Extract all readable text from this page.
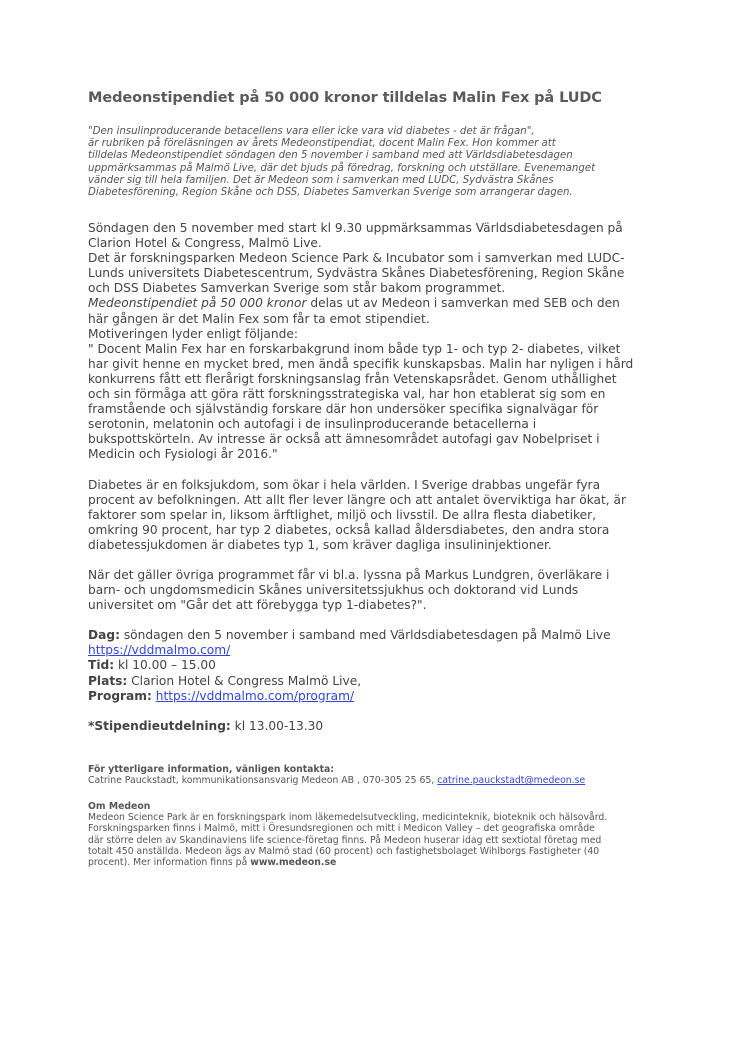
Medeonstipendiet på 50 000 kronor tilldelas Malin Fex på LUDC
"Den insulinproducerande betacellens vara eller icke vara vid diabetes - det är frågan",
är rubriken på föreläsningen av årets Medeonstipendiat, docent Malin Fex. Hon kommer att
tilldelas Medeonstipendiet söndagen den 5 november i samband med att Världsdiabetesdagen
uppmärksammas på Malmö Live, där det bjuds på föredrag, forskning och utställare. Evenemanget
vänder sig till hela familjen. Det är Medeon som i samverkan med LUDC, Sydvästra Skånes
Diabetesförening, Region Skåne och DSS, Diabetes Samverkan Sverige som arrangerar dagen.

Söndagen den 5 november med start kl 9.30 uppmärksammas Världsdiabetesdagen på
Clarion Hotel & Congress, Malmö Live.
Det är forskningsparken Medeon Science Park & Incubator som i samverkan med LUDC-
Lunds universitets Diabetescentrum, Sydvästra Skånes Diabetesförening, Region Skåne
och DSS Diabetes Samverkan Sverige som står bakom programmet.
Medeonstipendiet på 50 000 kronor delas ut av Medeon i samverkan med SEB och den
här gången är det Malin Fex som får ta emot stipendiet.
Motiveringen lyder enligt följande:

" Docent Malin Fex har en forskarbakgrund inom både typ 1- och typ 2- diabetes, vilket
har givit henne en mycket bred, men ändå specifik kunskapsbas. Malin har nyligen i hård
konkurrens fått ett flerårigt forskningsanslag från Vetenskapsrådet. Genom uthållighet
och sin förmåga att göra rätt forskningsstrategiska val, har hon etablerat sig som en
framstående och självständig forskare där hon undersöker specifika signalvägar för
serotonin, melatonin och autofagi i de insulinproducerande betacellerna i
bukspottskörteln. Av intresse är också att ämnesområdet autofagi gav Nobelpriset i
Medicin och Fysiologi år 2016."

Diabetes är en folksjukdom, som ökar i hela världen. I Sverige drabbas ungefär fyra
procent av befolkningen. Att allt fler lever längre och att antalet överviktiga har ökat, är
faktorer som spelar in, liksom ärftlighet, miljö och livsstil. De allra flesta diabetiker,
omkring 90 procent, har typ 2 diabetes, också kallad åldersdiabetes, den andra stora
diabetessjukdomen är diabetes typ 1, som kräver dagliga insulininjektioner.

När det gäller övriga programmet får vi bl.a. lyssna på Markus Lundgren, överläkare i
barn- och ungdomsmedicin Skånes universitetssjukhus och doktorand vid Lunds
universitet om "Går det att förebygga typ 1-diabetes?".

Dag: söndagen den 5 november i samband med Världsdiabetesdagen på Malmö Live
https://vddmalmo.com/
Tid: kl 10.00 – 15.00
Plats: Clarion Hotel & Congress Malmö Live,
Program: https://vddmalmo.com/program/

*Stipendieutdelning: kl 13.00-13.30

För ytterligare information, vänligen kontakta:
Catrine Pauckstadt, kommunikationsansvarig Medeon AB , 070-305 25 65, catrine.pauckstadt@medeon.se
Om Medeon
Medeon Science Park är en forskningspark inom läkemedelsutveckling, medicinteknik, bioteknik och hälsovård.
Forskningsparken finns i Malmö, mitt i Öresundsregionen och mitt i Medicon Valley – det geografiska område
där större delen av Skandinaviens life science-företag finns. På Medeon huserar idag ett sextiotal företag med
totalt 450 anställda. Medeon ägs av Malmö stad (60 procent) och fastighetsbolaget Wihlborgs Fastigheter (40
procent). Mer information finns på www.medeon.se
